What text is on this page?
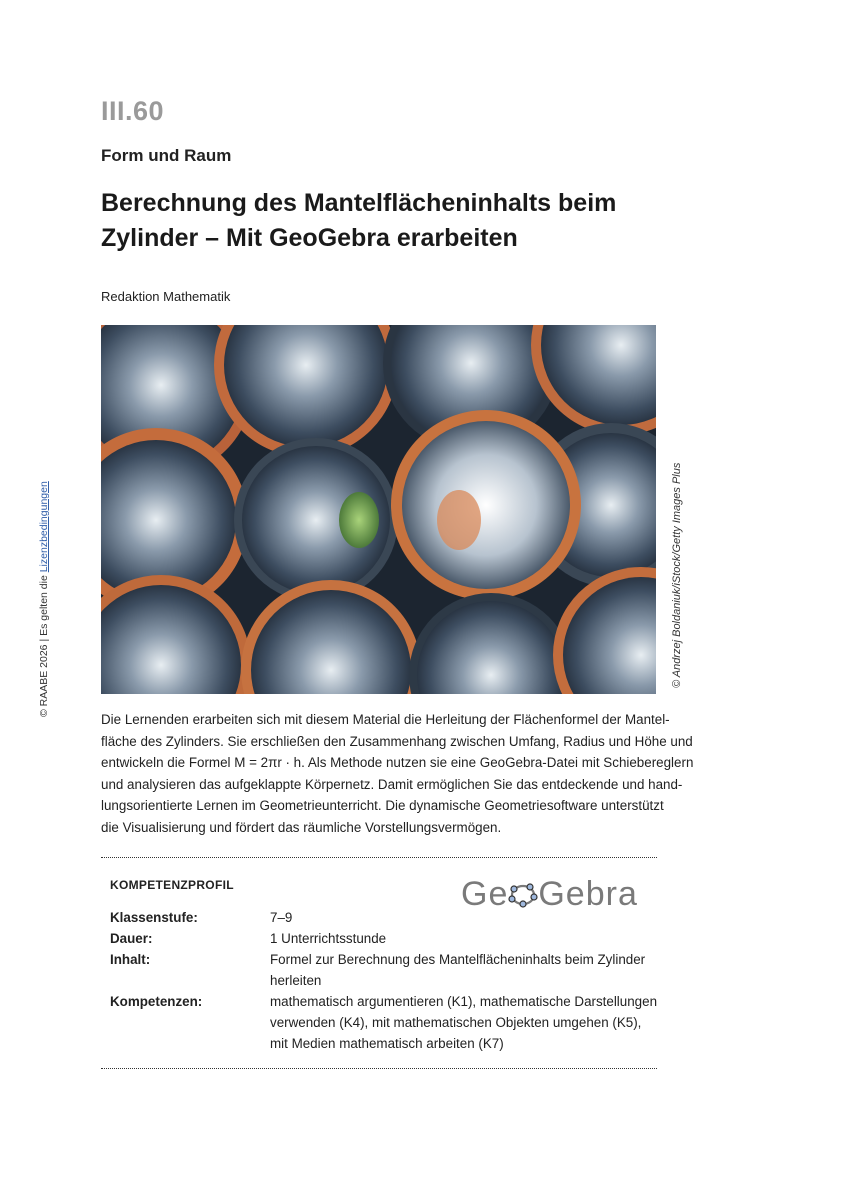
III.60
Form und Raum
Berechnung des Mantelflächeninhalts beim
Zylinder – Mit GeoGebra erarbeiten
Redaktion Mathematik
© Andrzej Boldaniuk/iStock/Getty Images Plus
© RAABE 2026 | Es gelten die Lizenzbedingungen

Die Lernenden erarbeiten sich mit diesem Material die Herleitung der Flächenformel der Mantel-
fläche des Zylinders. Sie erschließen den Zusammenhang zwischen Umfang, Radius und Höhe und
entwickeln die Formel M = 2πr · h. Als Methode nutzen sie eine GeoGebra-Datei mit Schiebereglern
und analysieren das aufgeklappte Körpernetz. Damit ermöglichen Sie das entdeckende und hand-
lungsorientierte Lernen im Geometrieunterricht. Die dynamische Geometriesoftware unterstützt
die Visualisierung und fördert das räumliche Vorstellungsvermögen.

KOMPETENZPROFIL	Ge Gebra
Klassenstufe:	7–9

Dauer:	1 Unterrichtsstunde

Inhalt:	Formel zur Berechnung des Mantelflächeninhalts beim Zylinder
herleiten

Kompetenzen:	mathematisch argumentieren (K1), mathematische Darstellungen
verwenden (K4), mit mathematischen Objekten umgehen (K5),
mit Medien mathematisch arbeiten (K7)
